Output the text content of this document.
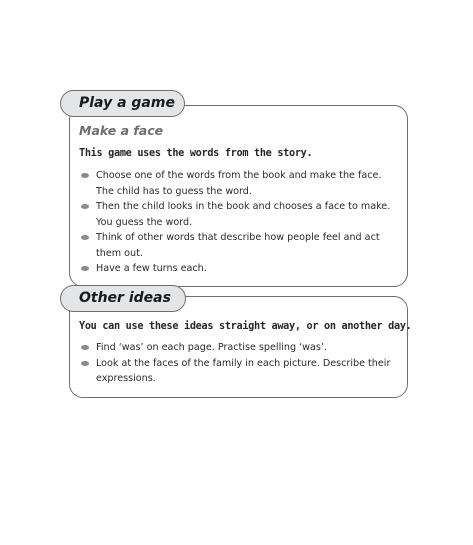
Play a game
Make a face
This game uses the words from the story.
Choose one of the words from the book and make the face. The child has to guess the word.
Then the child looks in the book and chooses a face to make. You guess the word.
Think of other words that describe how people feel and act them out.
Have a few turns each.
Other ideas
You can use these ideas straight away, or on another day.
Find ‘was’ on each page. Practise spelling ‘was’.
Look at the faces of the family in each picture. Describe their expressions.
